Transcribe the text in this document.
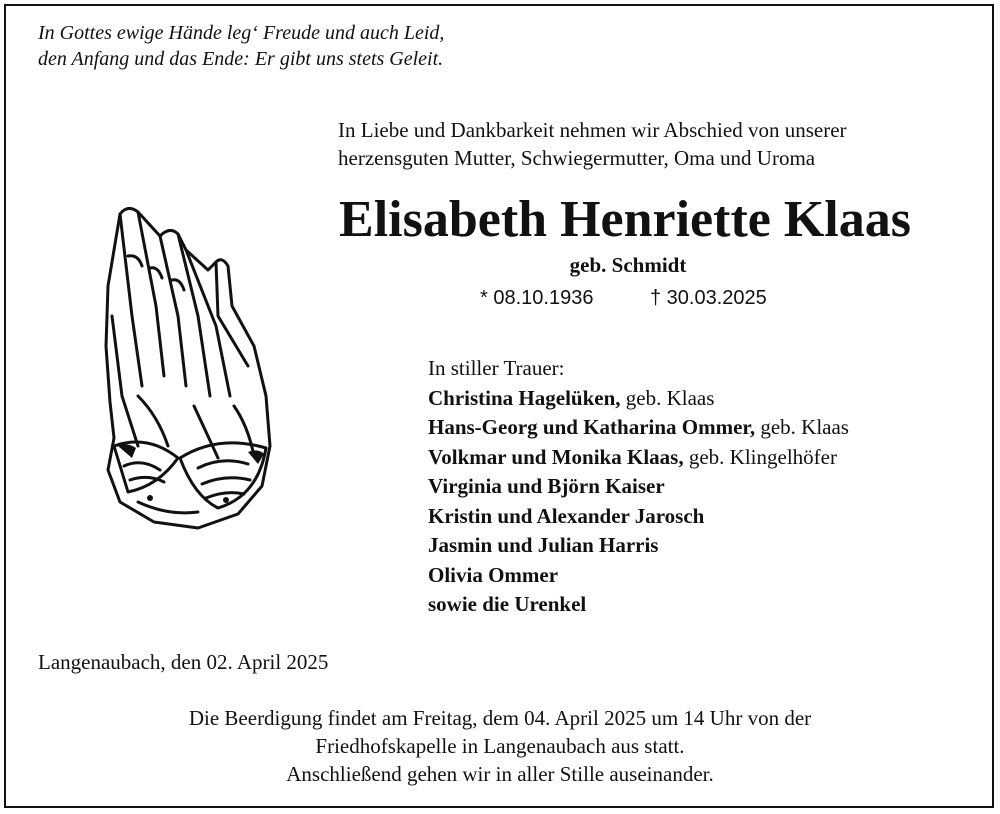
In Gottes ewige Hände leg‘ Freude und auch Leid,
den Anfang und das Ende: Er gibt uns stets Geleit.
In Liebe und Dankbarkeit nehmen wir Abschied von unserer
herzensguten Mutter, Schwiegermutter, Oma und Uroma
Elisabeth Henriette Klaas
geb. Schmidt
* 08.10.1936	† 30.03.2025
In stiller Trauer:
Christina Hagelüken, geb. Klaas
Hans-Georg und Katharina Ommer, geb. Klaas
Volkmar und Monika Klaas, geb. Klingelhöfer
Virginia und Björn Kaiser
Kristin und Alexander Jarosch
Jasmin und Julian Harris
Olivia Ommer
sowie die Urenkel
Langenaubach, den 02. April 2025
Die Beerdigung findet am Freitag, dem 04. April 2025 um 14 Uhr von der
Friedhofskapelle in Langenaubach aus statt.
Anschließend gehen wir in aller Stille auseinander.
